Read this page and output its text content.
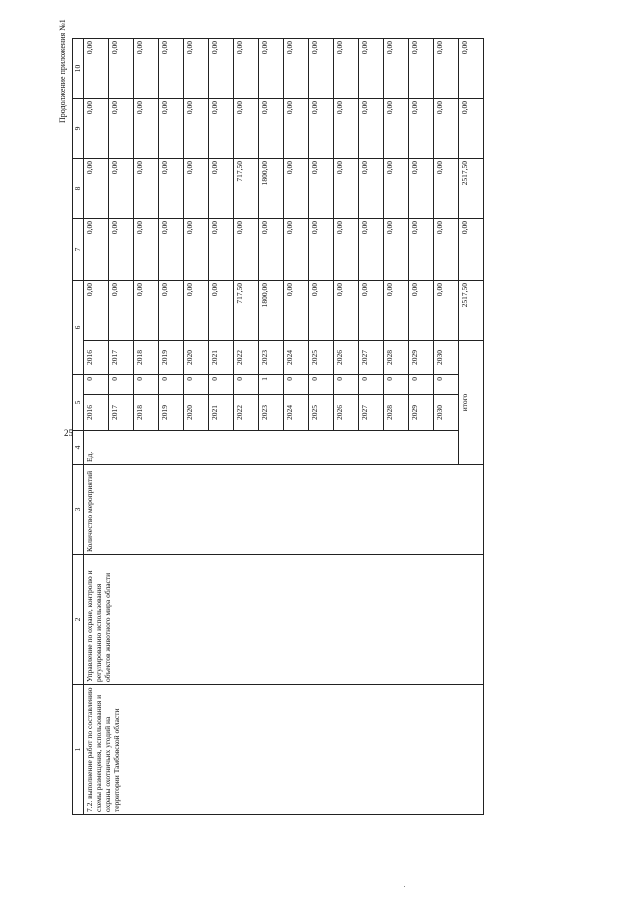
25
Продолжение приложения №1
1	2	3	4	5		6		7	8	9	10
7.2. выполнение работ по составлению схемы размещения, использования и охраны охотничьих угодий на территории Тамбовской области	Управление по охране, контролю и регулированию использования объектов животного мира области	Количество мероприятий	Ед.	2016	0	2016	0,00	0,00	0,00	0,00	0,00
				2017	0	2017	0,00	0,00	0,00	0,00	0,00
				2018	0	2018	0,00	0,00	0,00	0,00	0,00
				2019	0	2019	0,00	0,00	0,00	0,00	0,00
				2020	0	2020	0,00	0,00	0,00	0,00	0,00
				2021	0	2021	0,00	0,00	0,00	0,00	0,00
				2022	0	2022	717,50	0,00	717,50	0,00	0,00
				2023	1	2023	1800,00	0,00	1800,00	0,00	0,00
				2024	0	2024	0,00	0,00	0,00	0,00	0,00
				2025	0	2025	0,00	0,00	0,00	0,00	0,00
				2026	0	2026	0,00	0,00	0,00	0,00	0,00
				2027	0	2027	0,00	0,00	0,00	0,00	0,00
				2028	0	2028	0,00	0,00	0,00	0,00	0,00
				2029	0	2029	0,00	0,00	0,00	0,00	0,00
				2030	0	2030	0,00	0,00	0,00	0,00	0,00
			итого				2517,50	0,00	2517,50	0,00	0,00
